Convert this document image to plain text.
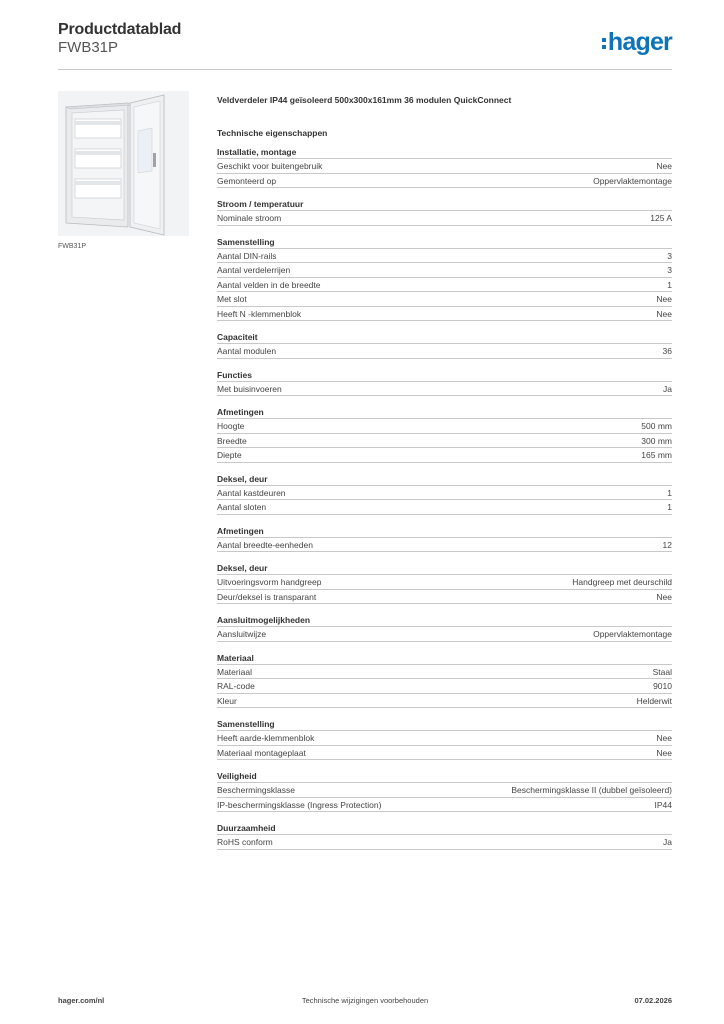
Productdatablad
FWB31P	hager
FWB31P
Veldverdeler IP44 geïsoleerd 500x300x161mm 36 modulen QuickConnect
Technische eigenschappen
Installatie, montage
Geschikt voor buitengebruik	Nee
Gemonteerd op	Oppervlaktemontage
Stroom / temperatuur
Nominale stroom	125 A
Samenstelling
Aantal DIN-rails	3
Aantal verdelerrijen	3
Aantal velden in de breedte	1
Met slot	Nee
Heeft N -klemmenblok	Nee
Capaciteit
Aantal modulen	36
Functies
Met buisinvoeren	Ja
Afmetingen
Hoogte	500 mm
Breedte	300 mm
Diepte	165 mm
Deksel, deur
Aantal kastdeuren	1
Aantal sloten	1
Afmetingen
Aantal breedte-eenheden	12
Deksel, deur
Uitvoeringsvorm handgreep	Handgreep met deurschild
Deur/deksel is transparant	Nee
Aansluitmogelijkheden
Aansluitwijze	Oppervlaktemontage
Materiaal
Materiaal	Staal
RAL-code	9010
Kleur	Helderwit
Samenstelling
Heeft aarde-klemmenblok	Nee
Materiaal montageplaat	Nee
Veiligheid
Beschermingsklasse	Beschermingsklasse II (dubbel geïsoleerd)
IP-beschermingsklasse (Ingress Protection)	IP44
Duurzaamheid
RoHS conform	Ja
hager.com/nl	Technische wijzigingen voorbehouden	07.02.2026
